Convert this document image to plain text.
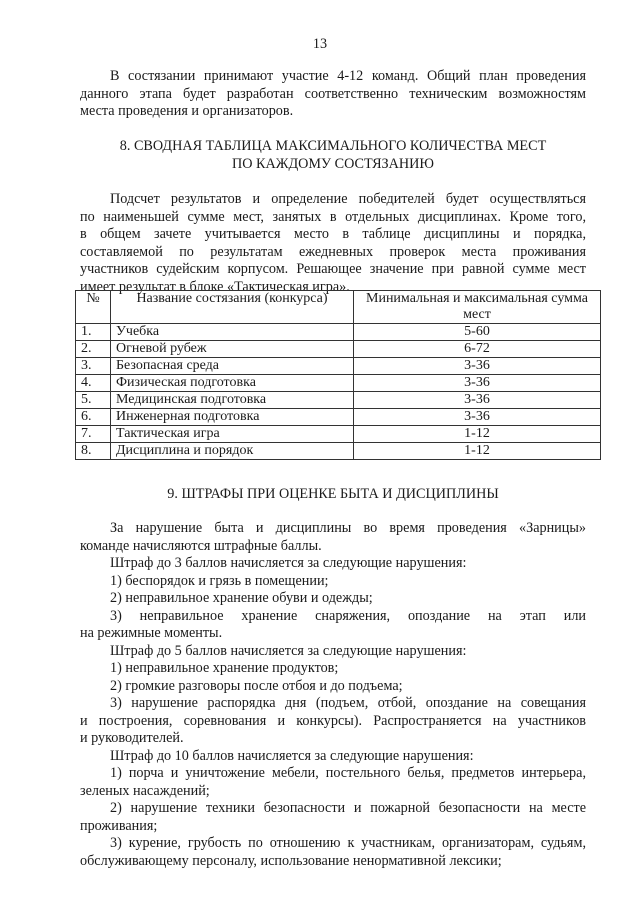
13
В состязании принимают участие 4-12 команд. Общий план проведения
данного этапа будет разработан соответственно техническим возможностям
места проведения и организаторов.
8. СВОДНАЯ ТАБЛИЦА МАКСИМАЛЬНОГО КОЛИЧЕСТВА МЕСТ
ПО КАЖДОМУ СОСТЯЗАНИЮ
Подсчет результатов и определение победителей будет осуществляться
по наименьшей сумме мест, занятых в отдельных дисциплинах. Кроме того,
в общем зачете учитывается место в таблице дисциплины и порядка,
составляемой по результатам ежедневных проверок места проживания
участников судейским корпусом. Решающее значение при равной сумме мест
имеет результат в блоке «Тактическая игра».
№	Название состязания (конкурса)	Минимальная и максимальная сумма мест
1.	Учебка	5-60
2.	Огневой рубеж	6-72
3.	Безопасная среда	3-36
4.	Физическая подготовка	3-36
5.	Медицинская подготовка	3-36
6.	Инженерная подготовка	3-36
7.	Тактическая игра	1-12
8.	Дисциплина и порядок	1-12
9. ШТРАФЫ ПРИ ОЦЕНКЕ БЫТА И ДИСЦИПЛИНЫ
За нарушение быта и дисциплины во время проведения «Зарницы»
команде начисляются штрафные баллы.
Штраф до 3 баллов начисляется за следующие нарушения:
1) беспорядок и грязь в помещении;
2) неправильное хранение обуви и одежды;
3) неправильное хранение снаряжения, опоздание на этап или
на режимные моменты.
Штраф до 5 баллов начисляется за следующие нарушения:
1) неправильное хранение продуктов;
2) громкие разговоры после отбоя и до подъема;
3) нарушение распорядка дня (подъем, отбой, опоздание на совещания
и построения, соревнования и конкурсы). Распространяется на участников
и руководителей.
Штраф до 10 баллов начисляется за следующие нарушения:
1) порча и уничтожение мебели, постельного белья, предметов интерьера,
зеленых насаждений;
2) нарушение техники безопасности и пожарной безопасности на месте
проживания;
3) курение, грубость по отношению к участникам, организаторам, судьям,
обслуживающему персоналу, использование ненормативной лексики;
